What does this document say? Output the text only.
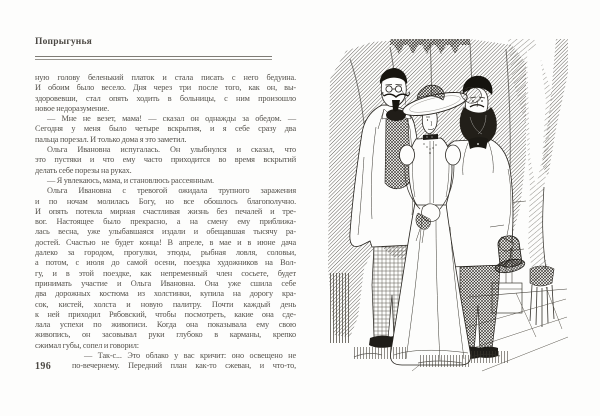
Попрыгунья
ную голову беленький платок и стала писать с него бедуина.
И обоим было весело. Дня через три после того, как он, вы-
здоровевши, стал опять ходить в больницы, с ним произошло
новое недоразумение.
— Мне не везет, мама! — сказал он однажды за обедом. —
Сегодня у меня было четыре вскрытия, и я себе сразу два
пальца порезал. И только дома я это заметил.
Ольга Ивановна испугалась. Он улыбнулся и сказал, что
это пустяки и что ему часто приходится во время вскрытий
делать себе порезы на руках.
— Я увлекаюсь, мама, и становлюсь рассеянным.
Ольга Ивановна с тревогой ожидала трупного заражения
и по ночам молилась Богу, но все обошлось благополучно.
И опять потекла мирная счастливая жизнь без печалей и тре-
вог. Настоящее было прекрасно, а на смену ему приближа-
лась весна, уже улыбавшаяся издали и обещавшая тысячу ра-
достей. Счастью не будет конца! В апреле, в мае и в июне дача
далеко за городом, прогулки, этюды, рыбная ловля, соловьи,
а потом, с июля до самой осени, поездка художников на Вол-
гу, и в этой поездке, как непременный член сосьете, будет
принимать участие и Ольга Ивановна. Она уже сшила себе
два дорожных костюма из холстинки, купила на дорогу кра-
сок, кистей, холста и новую палитру. Почти каждый день
к ней приходил Рябовский, чтобы посмотреть, какие она сде-
лала успехи по живописи. Когда она показывала ему свою
живопись, он засовывал руки глубоко в карманы, крепко
сжимал губы, сопел и говорил:
— Так-с... Это облако у вас кричит: оно освещено не
по-вечернему. Передний план как-то сжеван, и что-то,
196
